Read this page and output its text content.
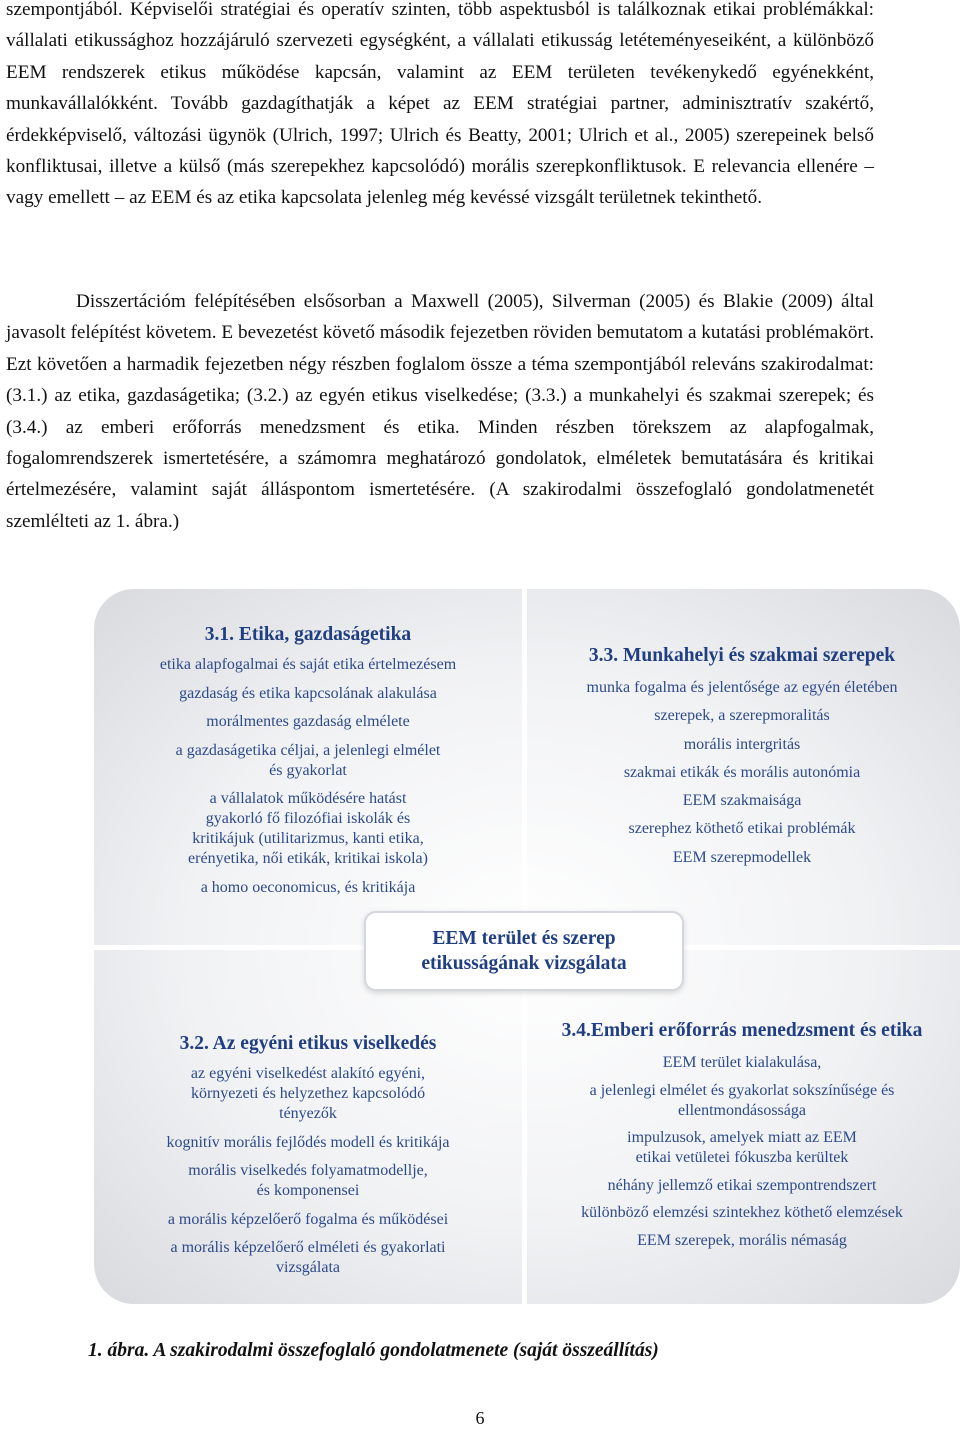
szempontjából. Képviselői stratégiai és operatív szinten, több aspektusból is találkoznak etikai problémákkal: vállalati etikussághoz hozzájáruló szervezeti egységként, a vállalati etikusság letéteményeseiként, a különböző EEM rendszerek etikus működése kapcsán, valamint az EEM területen tevékenykedő egyénekként, munkavállalókként. Tovább gazdagíthatják a képet az EEM stratégiai partner, adminisztratív szakértő, érdekképviselő, változási ügynök (Ulrich, 1997; Ulrich és Beatty, 2001; Ulrich et al., 2005) szerepeinek belső konfliktusai, illetve a külső (más szerepekhez kapcsolódó) morális szerepkonfliktusok. E relevancia ellenére – vagy emellett – az EEM és az etika kapcsolata jelenleg még kevéssé vizsgált területnek tekinthető.

Disszertációm felépítésében elsősorban a Maxwell (2005), Silverman (2005) és Blakie (2009) által javasolt felépítést követem. E bevezetést követő második fejezetben röviden bemutatom a kutatási problémakört. Ezt követően a harmadik fejezetben négy részben foglalom össze a téma szempontjából releváns szakirodalmat: (3.1.) az etika, gazdaságetika; (3.2.) az egyén etikus viselkedése; (3.3.) a munkahelyi és szakmai szerepek; és (3.4.) az emberi erőforrás menedzsment és etika. Minden részben törekszem az alapfogalmak, fogalomrendszerek ismertetésére, a számomra meghatározó gondolatok, elméletek bemutatására és kritikai értelmezésére, valamint saját álláspontom ismertetésére. (A szakirodalmi összefoglaló gondolatmenetét szemlélteti az 1. ábra.)

3.1. Etika, gazdaságetika
etika alapfogalmai és saját etika értelmezésem
gazdaság és etika kapcsolának alakulása
morálmentes gazdaság elmélete
a gazdaságetika céljai, a jelenlegi elmélet és gyakorlat
a vállalatok működésére hatást gyakorló fő filozófiai iskolák és kritikájuk (utilitarizmus, kanti etika, erényetika, női etikák, kritikai iskola)
a homo oeconomicus, és kritikája
3.3. Munkahelyi és szakmai szerepek
munka fogalma és jelentősége az egyén életében
szerepek, a szerepmoralitás
morális intergritás
szakmai etikák és morális autonómia
EEM szakmaisága
szerephez köthető etikai problémák
EEM szerepmodellek
3.2. Az egyéni etikus viselkedés
az egyéni viselkedést alakító egyéni, környezeti és helyzethez kapcsolódó tényezők
kognitív morális fejlődés modell és kritikája
morális viselkedés folyamatmodellje, és komponensei
a morális képzelőerő fogalma és működései
a morális képzelőerő elméleti és gyakorlati vizsgálata
3.4.Emberi erőforrás menedzsment és etika
EEM terület kialakulása,
a jelenlegi elmélet és gyakorlat sokszínűsége és ellentmondásossága
impulzusok, amelyek miatt az EEM etikai vetületei fókuszba kerültek
néhány jellemző etikai szempontrendszert
különböző elemzési szintekhez köthető elemzések
EEM szerepek, morális némaság
EEM terület és szerep
etikusságának vizsgálata

1. ábra. A szakirodalmi összefoglaló gondolatmenete (saját összeállítás)

6
